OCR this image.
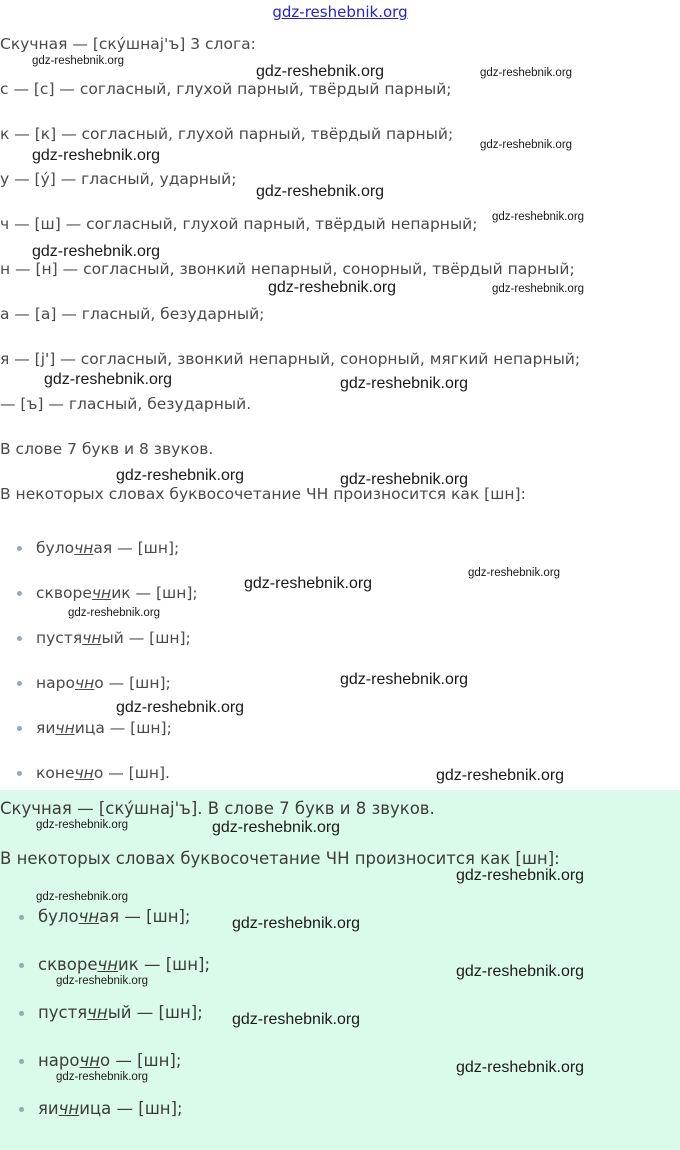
gdz-reshebnik.org
Скучная — [ску́шнаj'ъ] 3 слога:
с — [с] — согласный, глухой парный, твёрдый парный;
к — [к] — согласный, глухой парный, твёрдый парный;
у — [у́] — гласный, ударный;
ч — [ш] — согласный, глухой парный, твёрдый непарный;
н — [н] — согласный, звонкий непарный, сонорный, твёрдый парный;
а — [а] — гласный, безударный;
я — [j'] — согласный, звонкий непарный, сонорный, мягкий непарный;
— [ъ] — гласный, безударный.
В слове 7 букв и 8 звуков.
В некоторых словах буквосочетание ЧН произносится как [шн]:
булочная — [шн];
скворечник — [шн];
пустячный — [шн];
нарочно — [шн];
яичница — [шн];
конечно — [шн].
Скучная — [ску́шнаj'ъ]. В слове 7 букв и 8 звуков.
В некоторых словах буквосочетание ЧН произносится как [шн]:
булочная — [шн];
скворечник — [шн];
пустячный — [шн];
нарочно — [шн];
яичница — [шн];
gdz-reshebnik.org
gdz-reshebnik.org	gdz-reshebnik.org
gdz-reshebnik.org
gdz-reshebnik.org
gdz-reshebnik.org
gdz-reshebnik.org
gdz-reshebnik.org
gdz-reshebnik.org	gdz-reshebnik.org
gdz-reshebnik.org	gdz-reshebnik.org
gdz-reshebnik.org	gdz-reshebnik.org
gdz-reshebnik.org
gdz-reshebnik.org
gdz-reshebnik.org
gdz-reshebnik.org
gdz-reshebnik.org
gdz-reshebnik.org
gdz-reshebnik.org	gdz-reshebnik.org
gdz-reshebnik.org
gdz-reshebnik.org
gdz-reshebnik.org
gdz-reshebnik.org
gdz-reshebnik.org
gdz-reshebnik.org
gdz-reshebnik.org
gdz-reshebnik.org
